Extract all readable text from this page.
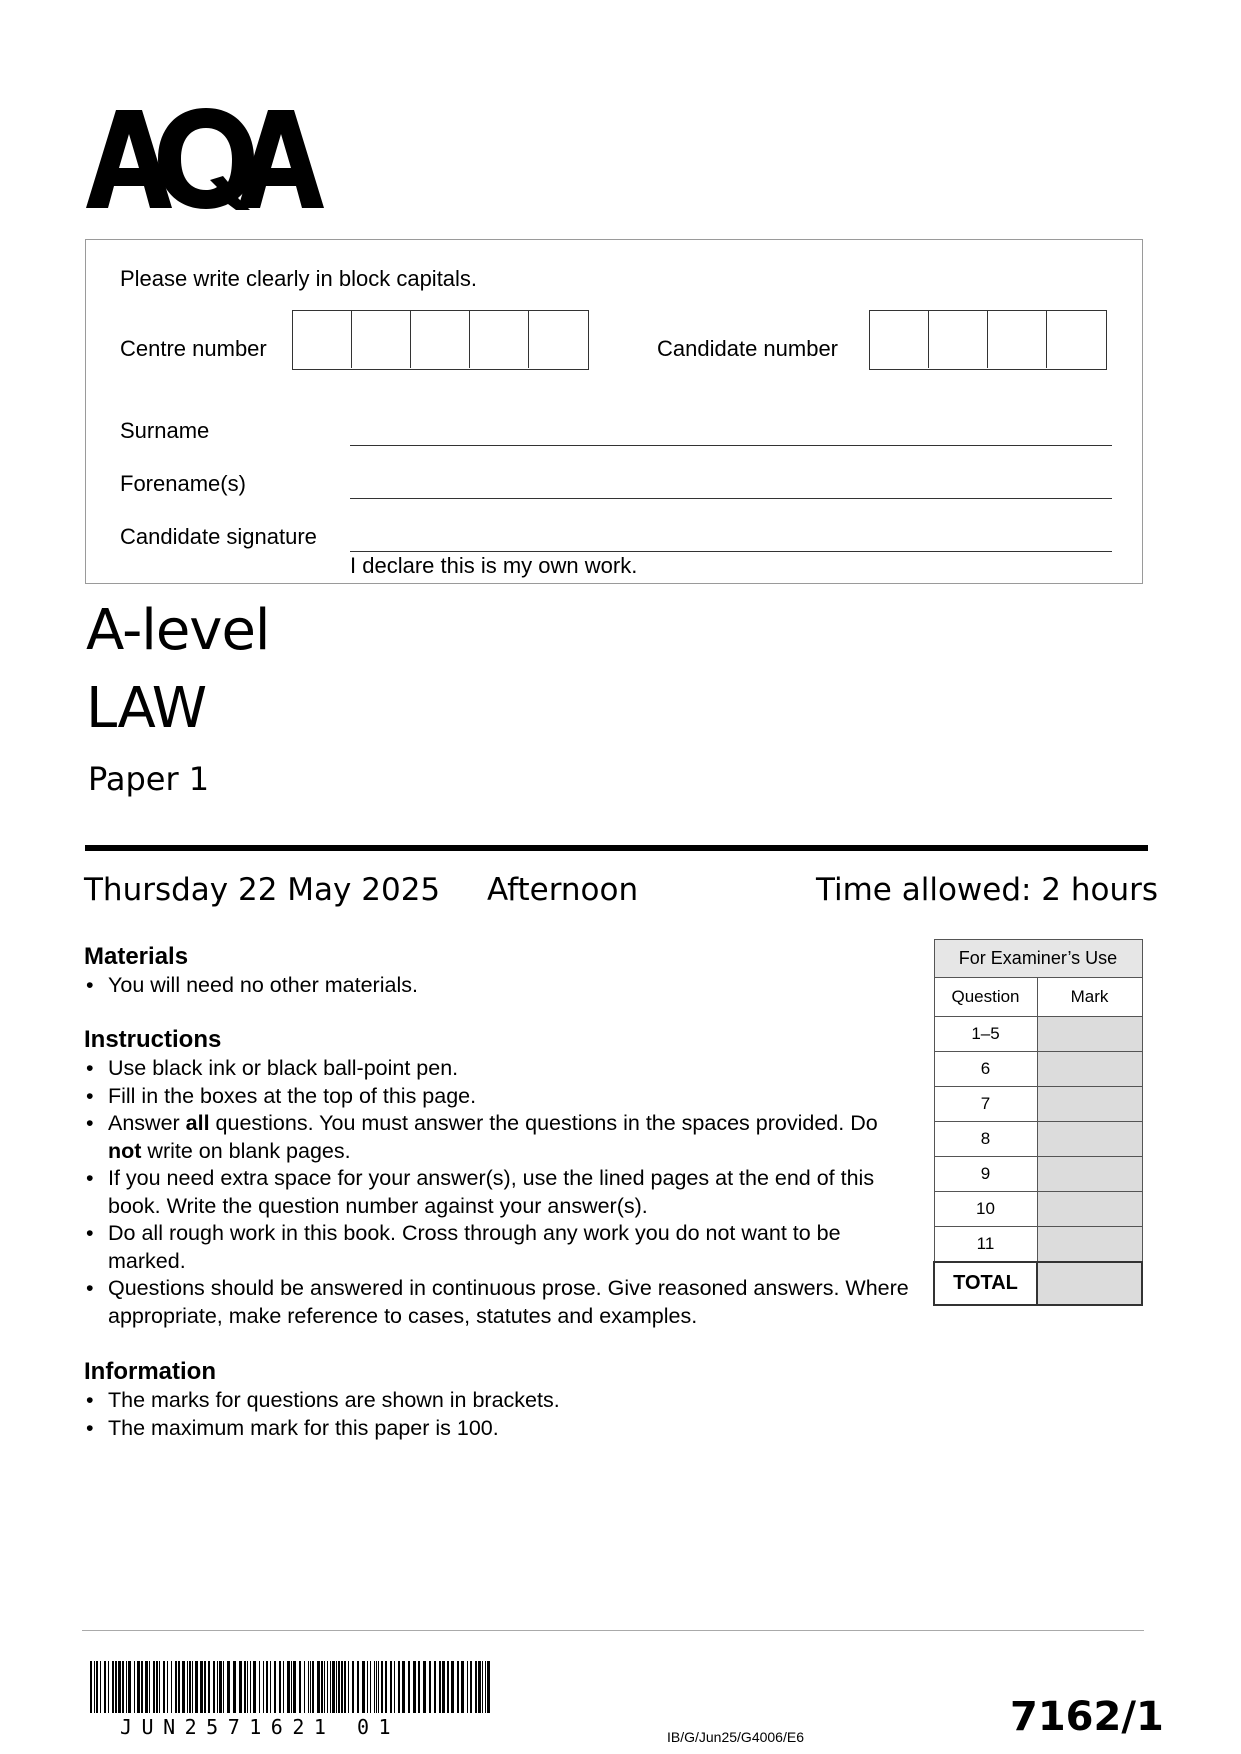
Please write clearly in block capitals.
Centre number	Candidate number
Surname
Forename(s)
Candidate signature
I declare this is my own work.
A-level
LAW
Paper 1
Thursday 22 May 2025 Afternoon	Time allowed: 2 hours
Materials
• You will need no other materials.
Instructions
• Use black ink or black ball-point pen.
• Fill in the boxes at the top of this page.
• Answer all questions. You must answer the questions in the spaces provided. Do not write on blank pages.
• If you need extra space for your answer(s), use the lined pages at the end of this book. Write the question number against your answer(s).
• Do all rough work in this book. Cross through any work you do not want to be marked.
• Questions should be answered in continuous prose. Give reasoned answers. Where appropriate, make reference to cases, statutes and examples.
Information
• The marks for questions are shown in brackets.
• The maximum mark for this paper is 100.
For Examiner’s Use	
Question	Mark
1–5	
6	
7	
8	
9	
10	
11	
TOTAL	
JUN2571621 01	IB/G/Jun25/G4006/E6	7162/1
